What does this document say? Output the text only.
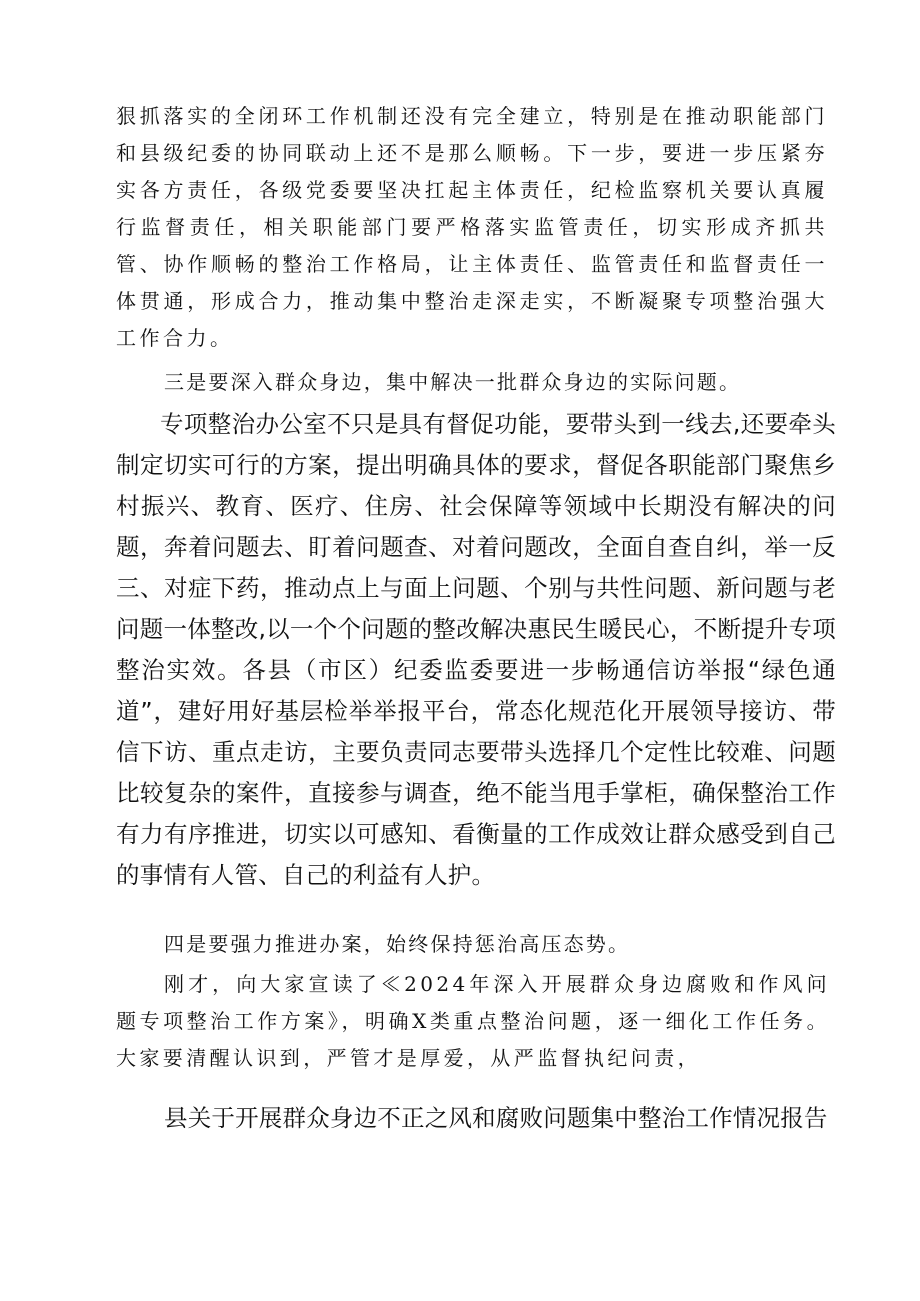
狠抓落实的全闭环工作机制还没有完全建立，特别是在推动职能部门和县级纪委的协同联动上还不是那么顺畅。下一步，要进一步压紧夯实各方责任，各级党委要坚决扛起主体责任，纪检监察机关要认真履行监督责任，相关职能部门要严格落实监管责任，切实形成齐抓共管、协作顺畅的整治工作格局，让主体责任、监管责任和监督责任一体贯通，形成合力，推动集中整治走深走实，不断凝聚专项整治强大工作合力。

三是要深入群众身边，集中解决一批群众身边的实际问题。

专项整治办公室不只是具有督促功能，要带头到一线去,还要牵头制定切实可行的方案，提出明确具体的要求，督促各职能部门聚焦乡村振兴、教育、医疗、住房、社会保障等领域中长期没有解决的问题，奔着问题去、盯着问题查、对着问题改，全面自查自纠，举一反三、对症下药，推动点上与面上问题、个别与共性问题、新问题与老问题一体整改,以一个个问题的整改解决惠民生暖民心，不断提升专项整治实效。各县（市区）纪委监委要进一步畅通信访举报“绿色通道”，建好用好基层检举举报平台，常态化规范化开展领导接访、带信下访、重点走访，主要负责同志要带头选择几个定性比较难、问题比较复杂的案件，直接参与调查，绝不能当甩手掌柜，确保整治工作有力有序推进，切实以可感知、看衡量的工作成效让群众感受到自己的事情有人管、自己的利益有人护。

四是要强力推进办案，始终保持惩治高压态势。

刚才，向大家宣读了≪2024年深入开展群众身边腐败和作风问题专项整治工作方案》，明确X类重点整治问题，逐一细化工作任务。大家要清醒认识到，严管才是厚爱，从严监督执纪问责，

县关于开展群众身边不正之风和腐败问题集中整治工作情况报告
